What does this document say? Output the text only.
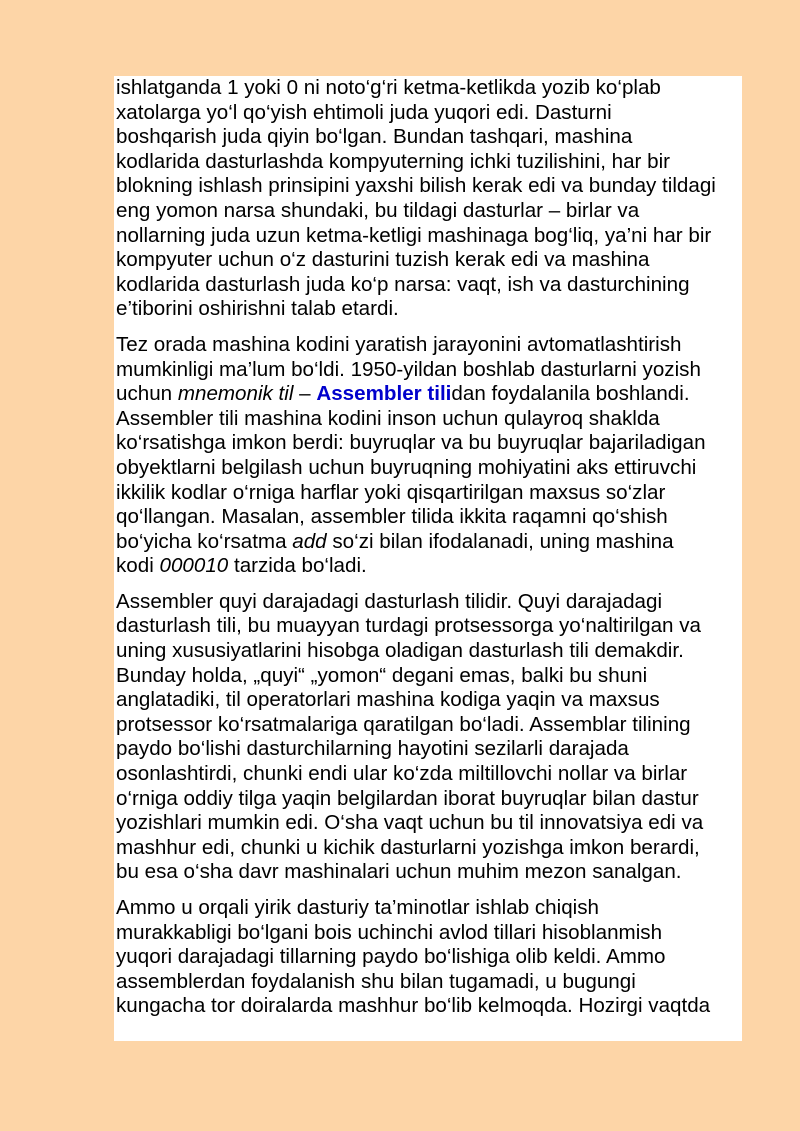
ishlatganda 1 yoki 0 ni noto‘g‘ri ketma-ketlikda yozib ko‘plab
xatolarga yo‘l qo‘yish ehtimoli juda yuqori edi. Dasturni
boshqarish juda qiyin bo‘lgan. Bundan tashqari, mashina
kodlarida dasturlashda kompyuterning ichki tuzilishini, har bir
blokning ishlash prinsipini yaxshi bilish kerak edi va bunday tildagi
eng yomon narsa shundaki, bu tildagi dasturlar – birlar va
nollarning juda uzun ketma-ketligi mashinaga bog‘liq, ya’ni har bir
kompyuter uchun o‘z dasturini tuzish kerak edi va mashina
kodlarida dasturlash juda ko‘p narsa: vaqt, ish va dasturchining
e’tiborini oshirishni talab etardi.
Tez orada mashina kodini yaratish jarayonini avtomatlashtirish
mumkinligi ma’lum bo‘ldi. 1950-yildan boshlab dasturlarni yozish
uchun mnemonik til – Assembler tilidan foydalanila boshlandi.
Assembler tili mashina kodini inson uchun qulayroq shaklda
ko‘rsatishga imkon berdi: buyruqlar va bu buyruqlar bajariladigan
obyektlarni belgilash uchun buyruqning mohiyatini aks ettiruvchi
ikkilik kodlar o‘rniga harflar yoki qisqartirilgan maxsus so‘zlar
qo‘llangan. Masalan, assembler tilida ikkita raqamni qo‘shish
bo‘yicha ko‘rsatma add so‘zi bilan ifodalanadi, uning mashina
kodi 000010 tarzida bo‘ladi.
Assembler quyi darajadagi dasturlash tilidir. Quyi darajadagi
dasturlash tili, bu muayyan turdagi protsessorga yo‘naltirilgan va
uning xususiyatlarini hisobga oladigan dasturlash tili demakdir.
Bunday holda, „quyi“ „yomon“ degani emas, balki bu shuni
anglatadiki, til operatorlari mashina kodiga yaqin va maxsus
protsessor ko‘rsatmalariga qaratilgan bo‘ladi. Assemblar tilining
paydo bo‘lishi dasturchilarning hayotini sezilarli darajada
osonlashtirdi, chunki endi ular ko‘zda miltillovchi nollar va birlar
o‘rniga oddiy tilga yaqin belgilardan iborat buyruqlar bilan dastur
yozishlari mumkin edi. O‘sha vaqt uchun bu til innovatsiya edi va
mashhur edi, chunki u kichik dasturlarni yozishga imkon berardi,
bu esa o‘sha davr mashinalari uchun muhim mezon sanalgan.
Ammo u orqali yirik dasturiy ta’minotlar ishlab chiqish
murakkabligi bo‘lgani bois uchinchi avlod tillari hisoblanmish
yuqori darajadagi tillarning paydo bo‘lishiga olib keldi. Ammo
assemblerdan foydalanish shu bilan tugamadi, u bugungi
kungacha tor doiralarda mashhur bo‘lib kelmoqda. Hozirgi vaqtda
